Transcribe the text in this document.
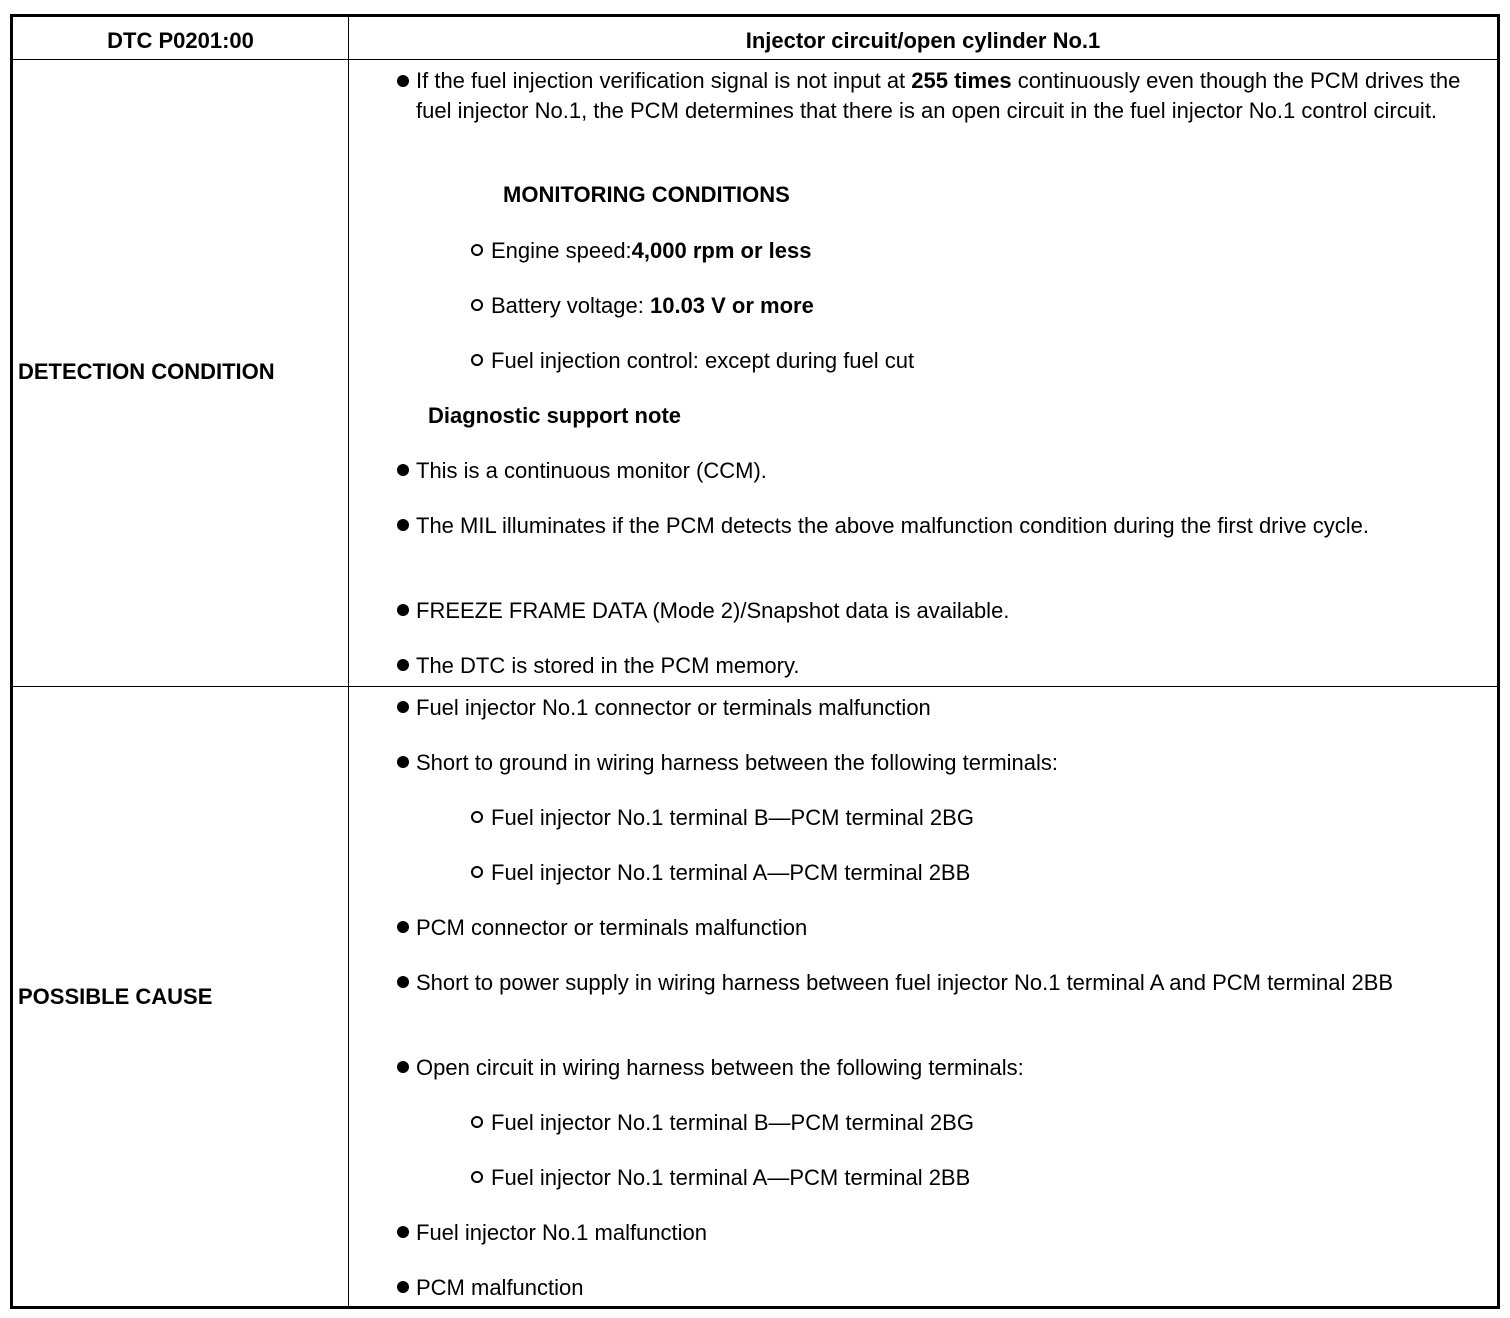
DTC P0201:00	Injector circuit/open cylinder No.1
DETECTION CONDITION
POSSIBLE CAUSE
If the fuel injection verification signal is not input at 255 times continuously even though the PCM drives the fuel injector No.1, the PCM determines that there is an open circuit in the fuel injector No.1 control circuit.
MONITORING CONDITIONS
Engine speed:4,000 rpm or less
Battery voltage: 10.03 V or more
Fuel injection control: except during fuel cut
Diagnostic support note
This is a continuous monitor (CCM).
The MIL illuminates if the PCM detects the above malfunction condition during the first drive cycle.
FREEZE FRAME DATA (Mode 2)/Snapshot data is available.
The DTC is stored in the PCM memory.
Fuel injector No.1 connector or terminals malfunction
Short to ground in wiring harness between the following terminals:
Fuel injector No.1 terminal B—PCM terminal 2BG
Fuel injector No.1 terminal A—PCM terminal 2BB
PCM connector or terminals malfunction
Short to power supply in wiring harness between fuel injector No.1 terminal A and PCM terminal 2BB
Open circuit in wiring harness between the following terminals:
Fuel injector No.1 terminal B—PCM terminal 2BG
Fuel injector No.1 terminal A—PCM terminal 2BB
Fuel injector No.1 malfunction
PCM malfunction
